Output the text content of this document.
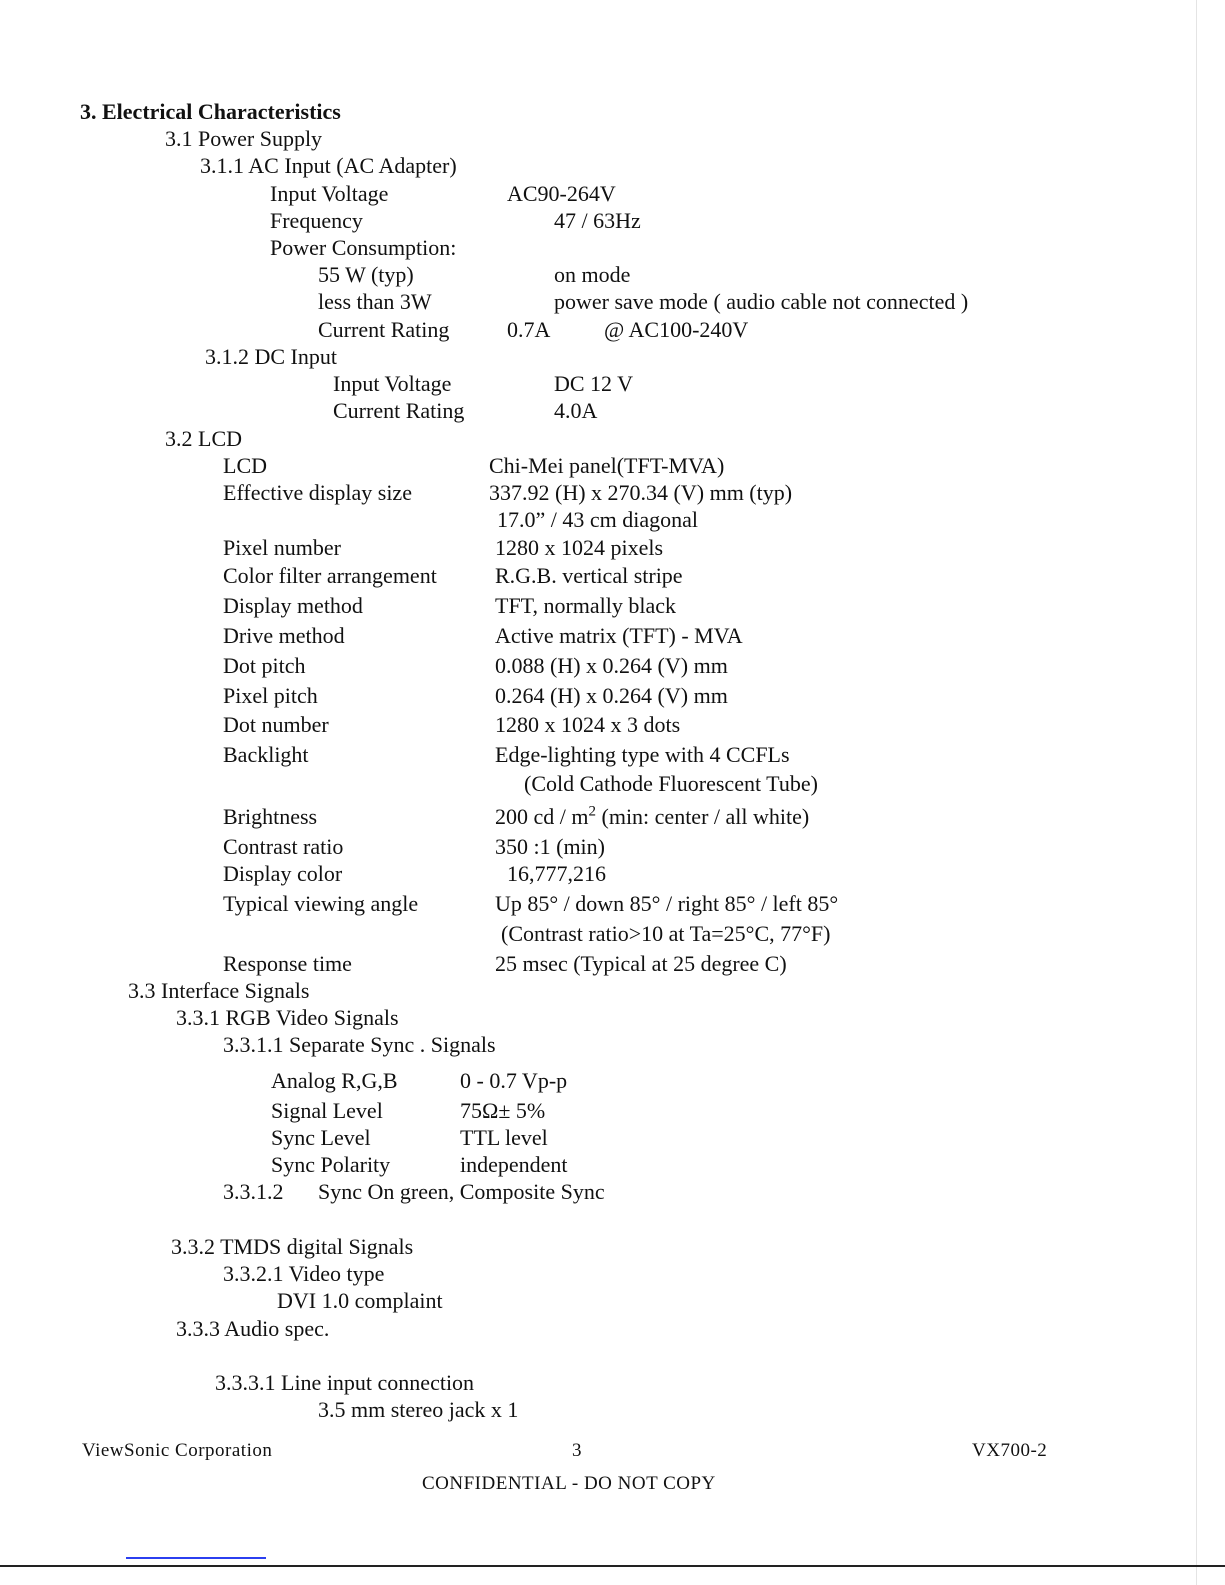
3. Electrical Characteristics
3.1 Power Supply
3.1.1 AC Input (AC Adapter)
Input Voltage	AC90-264V
Frequency	47 / 63Hz
Power Consumption:
55 W (typ)	on mode
less than 3W	power save mode ( audio cable not connected )
Current Rating	0.7A @ AC100-240V
3.1.2 DC Input
Input Voltage	DC 12 V
Current Rating	4.0A
3.2 LCD
LCD	Chi-Mei panel(TFT-MVA)
Effective display size	337.92 (H) x 270.34 (V) mm (typ)
17.0” / 43 cm diagonal
Pixel number	1280 x 1024 pixels
Color filter arrangement	R.G.B. vertical stripe
Display method	TFT, normally black
Drive method	Active matrix (TFT) - MVA
Dot pitch	0.088 (H) x 0.264 (V) mm
Pixel pitch	0.264 (H) x 0.264 (V) mm
Dot number	1280 x 1024 x 3 dots
Backlight	Edge-lighting type with 4 CCFLs
(Cold Cathode Fluorescent Tube)
Brightness	200 cd / $m^2$ (min: center / all white)
Contrast ratio	350 :1 (min)
Display color	16,777,216
Typical viewing angle	Up 85° / down 85° / right 85° / left 85°
(Contrast ratio>10 at Ta=25°C, 77°F)
Response time	25 msec (Typical at 25 degree C)
3.3 Interface Signals
3.3.1 RGB Video Signals
3.3.1.1 Separate Sync . Signals
Analog R,G,B	0 - 0.7 Vp-p
Signal Level	75Ω± 5%
Sync Level	TTL level
Sync Polarity	independent
3.3.1.2 Sync On green, Composite Sync
3.3.2 TMDS digital Signals
3.3.2.1 Video type
DVI 1.0 complaint
3.3.3 Audio spec.
3.3.3.1 Line input connection
3.5 mm stereo jack x 1
ViewSonic Corporation	3	VX700-2
CONFIDENTIAL - DO NOT COPY
